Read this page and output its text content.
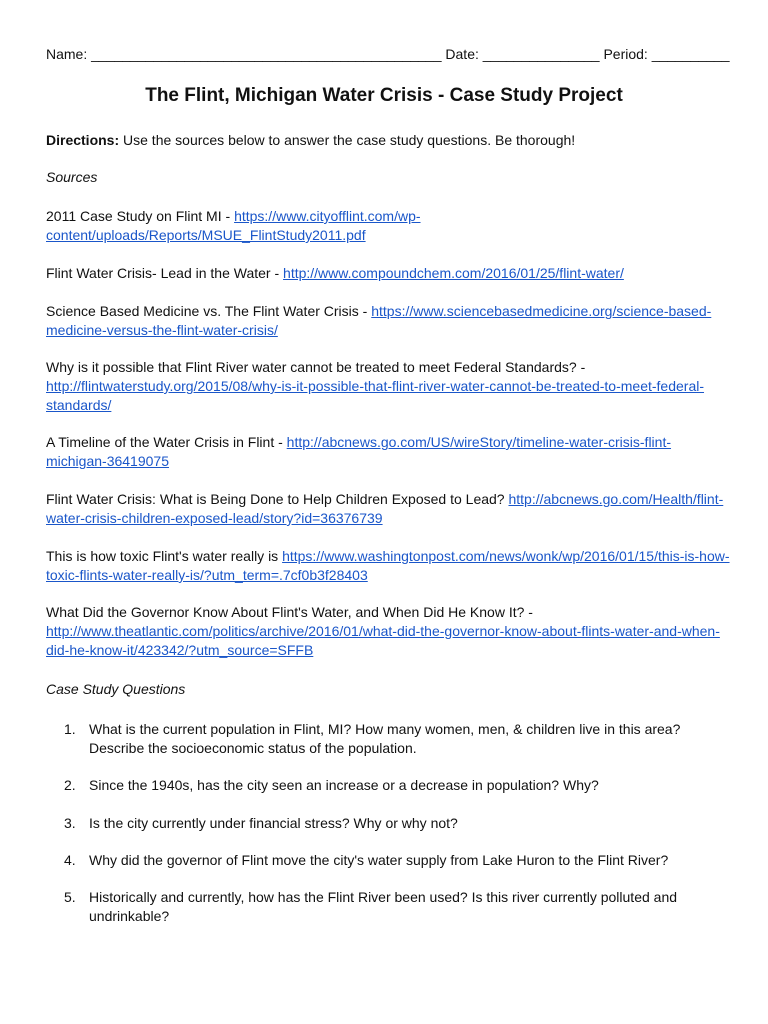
Name: _____________________________________________ Date: _______________ Period: __________
The Flint, Michigan Water Crisis - Case Study Project
Directions: Use the sources below to answer the case study questions. Be thorough!
Sources
2011 Case Study on Flint MI - https://www.cityofflint.com/wp-
content/uploads/Reports/MSUE_FlintStudy2011.pdf
Flint Water Crisis- Lead in the Water - http://www.compoundchem.com/2016/01/25/flint-water/
Science Based Medicine vs. The Flint Water Crisis - https://www.sciencebasedmedicine.org/science-based-
medicine-versus-the-flint-water-crisis/
Why is it possible that Flint River water cannot be treated to meet Federal Standards? -
http://flintwaterstudy.org/2015/08/why-is-it-possible-that-flint-river-water-cannot-be-treated-to-meet-federal-
standards/
A Timeline of the Water Crisis in Flint - http://abcnews.go.com/US/wireStory/timeline-water-crisis-flint-
michigan-36419075
Flint Water Crisis: What is Being Done to Help Children Exposed to Lead? http://abcnews.go.com/Health/flint-
water-crisis-children-exposed-lead/story?id=36376739
This is how toxic Flint's water really is https://www.washingtonpost.com/news/wonk/wp/2016/01/15/this-is-how-
toxic-flints-water-really-is/?utm_term=.7cf0b3f28403
What Did the Governor Know About Flint's Water, and When Did He Know It? -
http://www.theatlantic.com/politics/archive/2016/01/what-did-the-governor-know-about-flints-water-and-when-
did-he-know-it/423342/?utm_source=SFFB
Case Study Questions
1. What is the current population in Flint, MI? How many women, men, & children live in this area? Describe the socioeconomic status of the population.
2. Since the 1940s, has the city seen an increase or a decrease in population? Why?
3. Is the city currently under financial stress? Why or why not?
4. Why did the governor of Flint move the city's water supply from Lake Huron to the Flint River?
5. Historically and currently, how has the Flint River been used? Is this river currently polluted and undrinkable?
